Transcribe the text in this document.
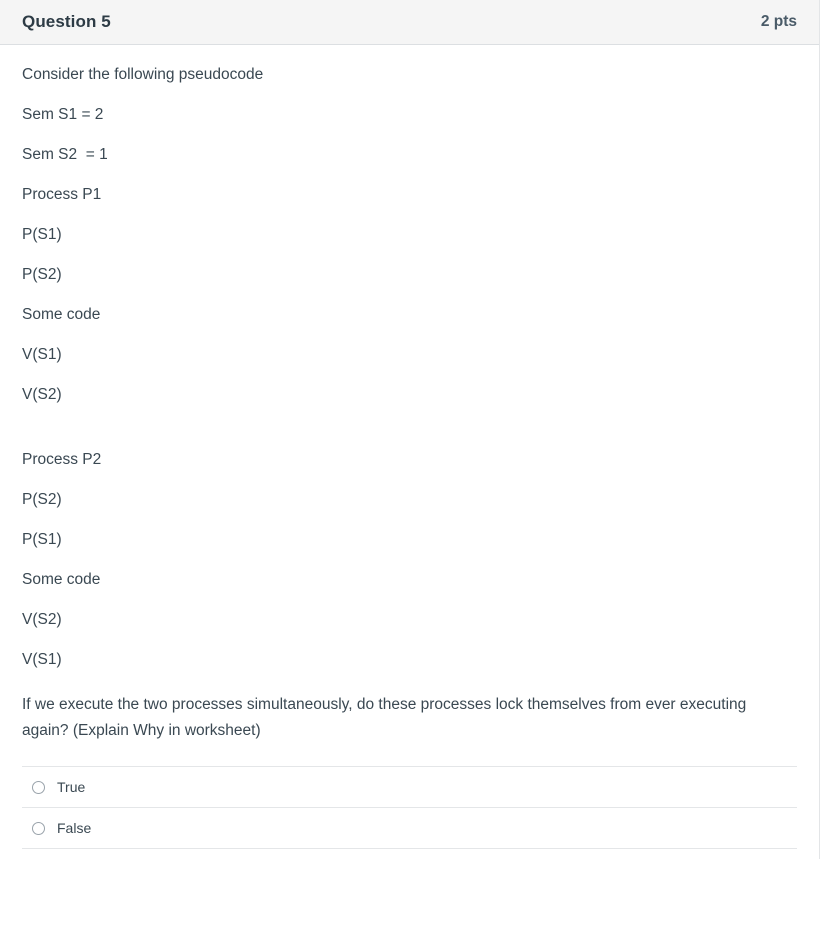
Question 5	2 pts

Consider the following pseudocode

Sem S1 = 2

Sem S2  = 1

Process P1

P(S1)

P(S2)

Some code

V(S1)

V(S2)

Process P2

P(S2)

P(S1)

Some code

V(S2)

V(S1)

If we execute the two processes simultaneously, do these processes lock themselves from ever executing again? (Explain Why in worksheet)

True
False
